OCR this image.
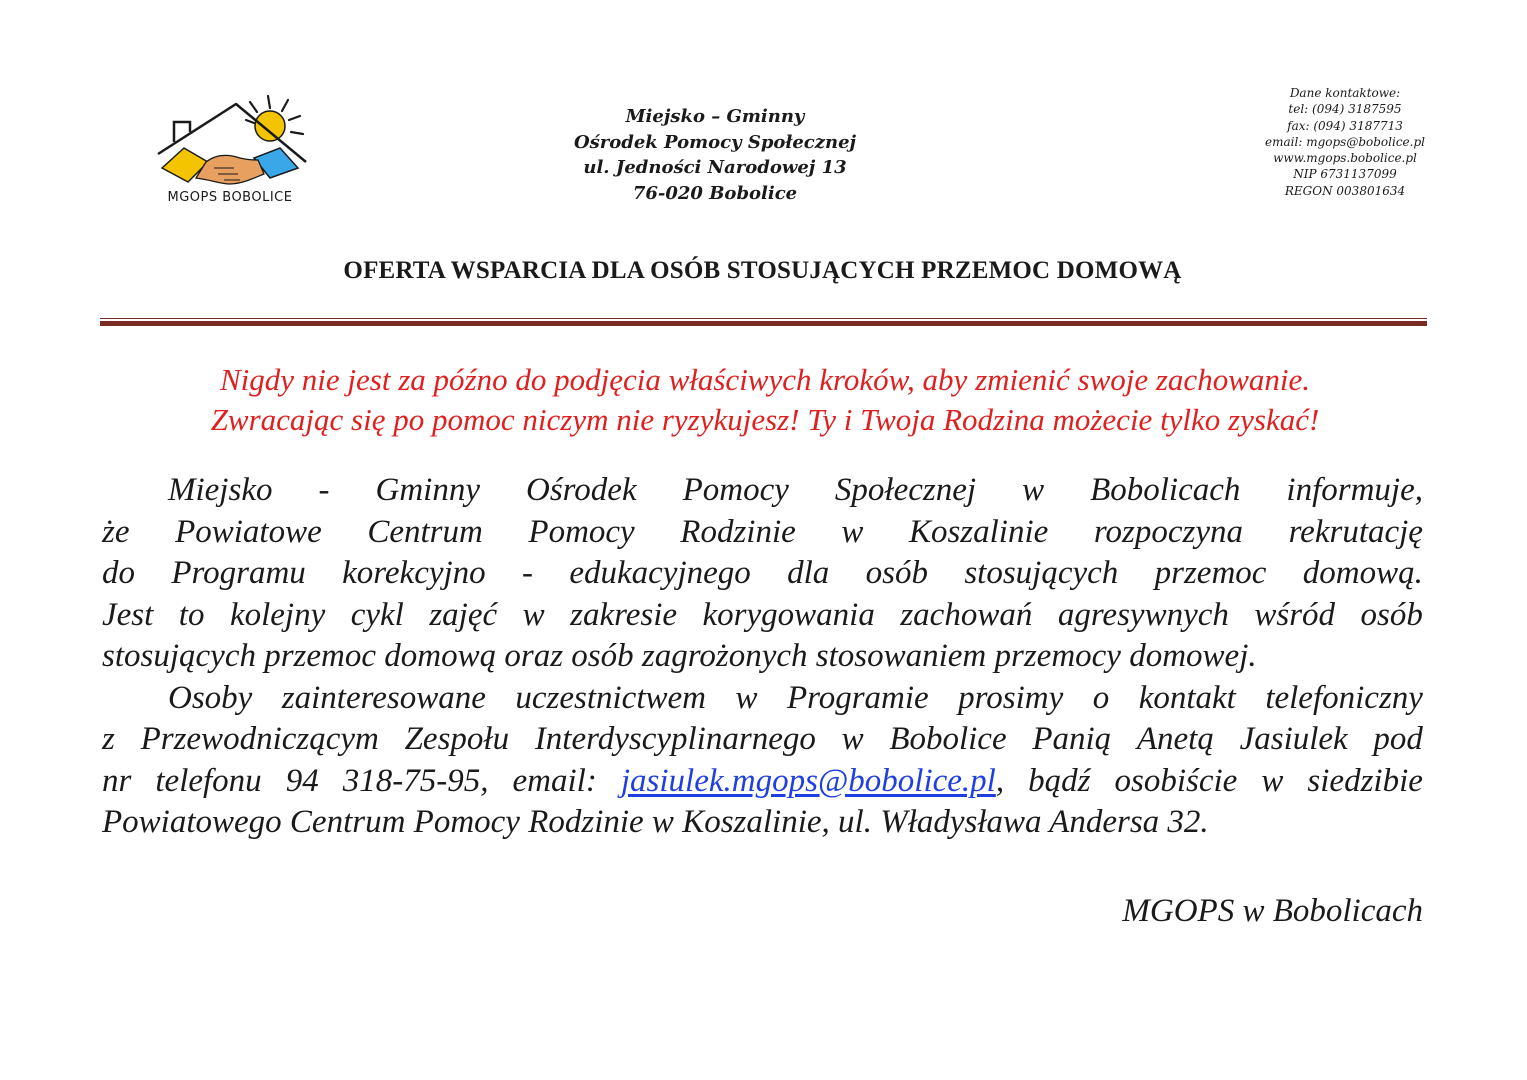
MGOPS BOBOLICE
Miejsko – Gminny
Ośrodek Pomocy Społecznej
ul. Jedności Narodowej 13
76-020 Bobolice
Dane kontaktowe:
tel: (094) 3187595
fax: (094) 3187713
email: mgops@bobolice.pl
www.mgops.bobolice.pl
NIP 6731137099
REGON 003801634
OFERTA WSPARCIA DLA OSÓB STOSUJĄCYCH PRZEMOC DOMOWĄ
Nigdy nie jest za późno do podjęcia właściwych kroków, aby zmienić swoje zachowanie.
Zwracając się po pomoc niczym nie ryzykujesz! Ty i Twoja Rodzina możecie tylko zyskać!
Miejsko - Gminny Ośrodek Pomocy Społecznej w Bobolicach informuje,
że Powiatowe Centrum Pomocy Rodzinie w Koszalinie rozpoczyna rekrutację
do Programu korekcyjno - edukacyjnego dla osób stosujących przemoc domową.
Jest to kolejny cykl zajęć w zakresie korygowania zachowań agresywnych wśród osób
stosujących przemoc domową oraz osób zagrożonych stosowaniem przemocy domowej.
Osoby zainteresowane uczestnictwem w Programie prosimy o kontakt telefoniczny
z Przewodniczącym Zespołu Interdyscyplinarnego w Bobolice Panią Anetą Jasiulek pod
nr telefonu 94 318-75-95, email: jasiulek.mgops@bobolice.pl, bądź osobiście w siedzibie
Powiatowego Centrum Pomocy Rodzinie w Koszalinie, ul. Władysława Andersa 32.
MGOPS w Bobolicach
